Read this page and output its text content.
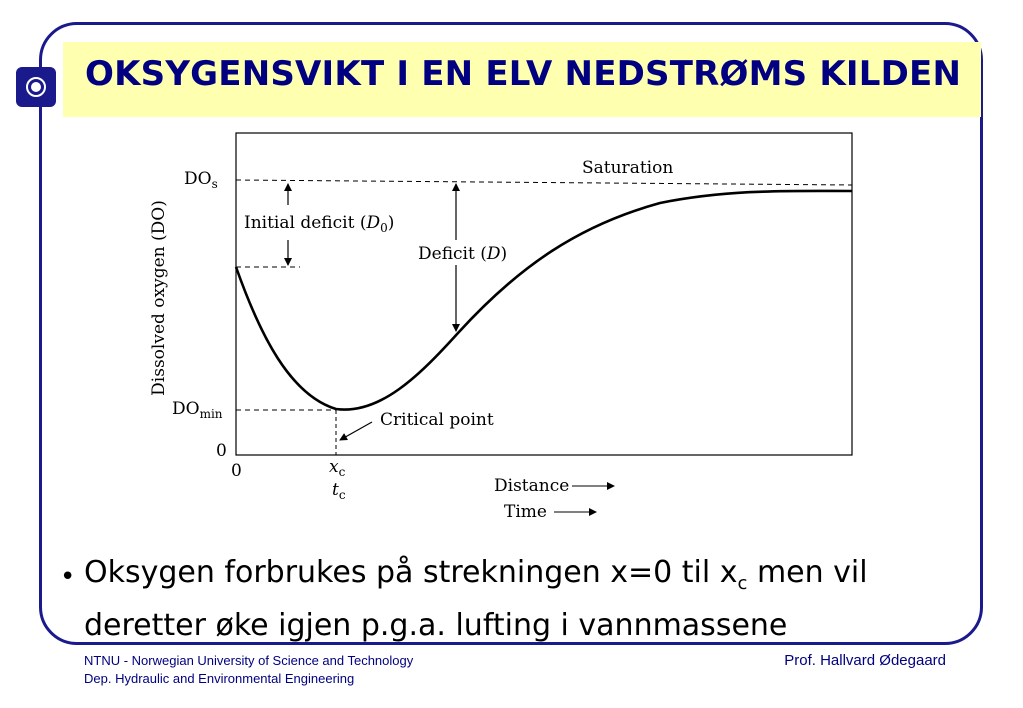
OKSYGENSVIKT I EN ELV NEDSTRØMS KILDEN
Dissolved oxygen (DO)
$DO_s$
$DO_{min}$
0
0
Saturation
Initial deficit $(D_0)$
Deficit (D)
Critical point
$x_c$
$t_c$	Distance
Time
• Oksygen forbrukes på strekningen x=0 til $x_c$ men vil deretter øke igjen p.g.a. lufting i vannmassene
NTNU - Norwegian University of Science and Technology
Dep. Hydraulic and Environmental Engineering
Prof. Hallvard Ødegaard
